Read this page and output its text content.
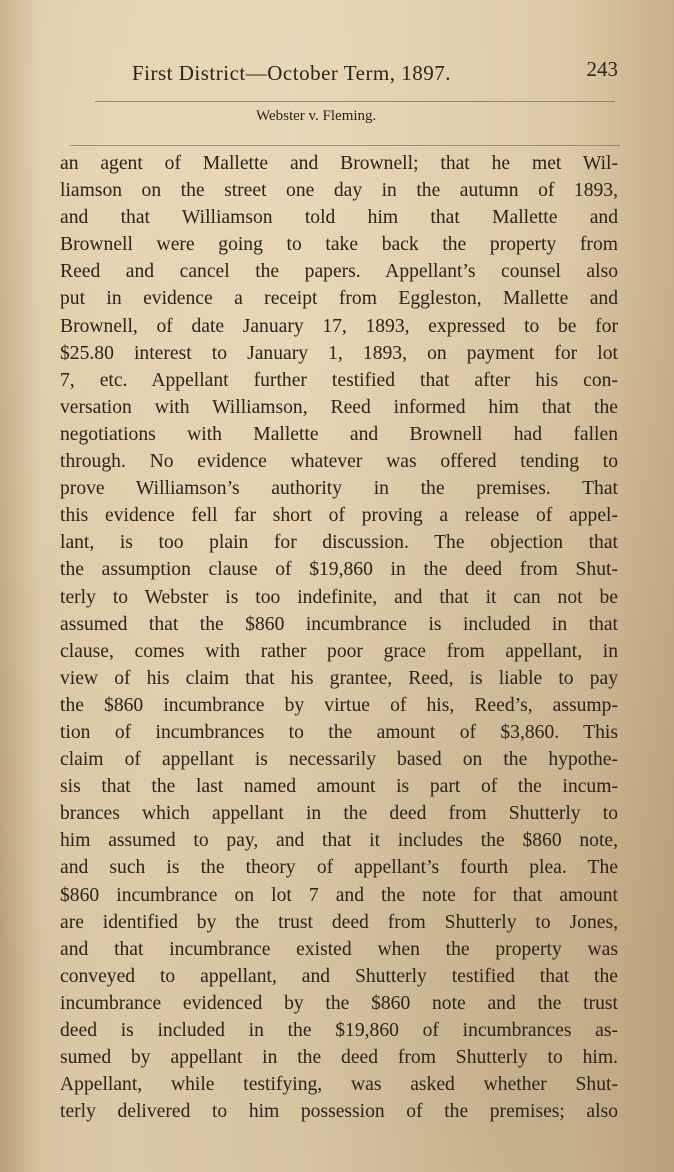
First District—October Term, 1897.	243
Webster v. Fleming.
an agent of Mallette and Brownell; that he met Wil-
liamson on the street one day in the autumn of 1893,
and that Williamson told him that Mallette and
Brownell were going to take back the property from
Reed and cancel the papers. Appellant’s counsel also
put in evidence a receipt from Eggleston, Mallette and
Brownell, of date January 17, 1893, expressed to be for
$25.80 interest to January 1, 1893, on payment for lot
7, etc. Appellant further testified that after his con-
versation with Williamson, Reed informed him that the
negotiations with Mallette and Brownell had fallen
through. No evidence whatever was offered tending to
prove Williamson’s authority in the premises. That
this evidence fell far short of proving a release of appel-
lant, is too plain for discussion. The objection that
the assumption clause of $19,860 in the deed from Shut-
terly to Webster is too indefinite, and that it can not be
assumed that the $860 incumbrance is included in that
clause, comes with rather poor grace from appellant, in
view of his claim that his grantee, Reed, is liable to pay
the $860 incumbrance by virtue of his, Reed’s, assump-
tion of incumbrances to the amount of $3,860. This
claim of appellant is necessarily based on the hypothe-
sis that the last named amount is part of the incum-
brances which appellant in the deed from Shutterly to
him assumed to pay, and that it includes the $860 note,
and such is the theory of appellant’s fourth plea. The
$860 incumbrance on lot 7 and the note for that amount
are identified by the trust deed from Shutterly to Jones,
and that incumbrance existed when the property was
conveyed to appellant, and Shutterly testified that the
incumbrance evidenced by the $860 note and the trust
deed is included in the $19,860 of incumbrances as-
sumed by appellant in the deed from Shutterly to him.
Appellant, while testifying, was asked whether Shut-
terly delivered to him possession of the premises; also
